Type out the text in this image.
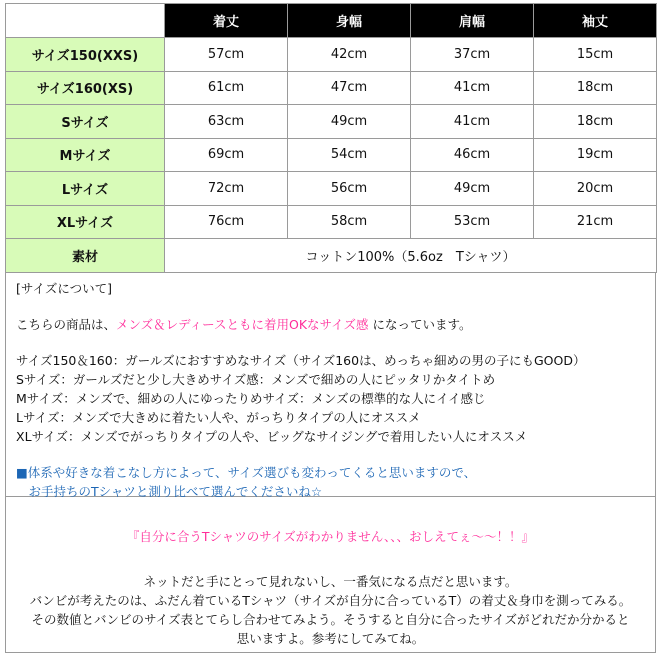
	着丈	身幅	肩幅	袖丈
サイズ150(XXS)	57cm	42cm	37cm	15cm
サイズ160(XS)	61cm	47cm	41cm	18cm
Sサイズ	63cm	49cm	41cm	18cm
Mサイズ	69cm	54cm	46cm	19cm
Lサイズ	72cm	56cm	49cm	20cm
XLサイズ	76cm	58cm	53cm	21cm
素材	コットン100%（5.6oz　Tシャツ）			

[サイズについて]

こちらの商品は、メンズ＆レディースともに着用OKなサイズ感 になっています。

サイズ150＆160：ガールズにおすすめなサイズ（サイズ160は、めっちゃ細めの男の子にもGOOD）

Sサイズ：ガールズだと少し大きめサイズ感：メンズで細めの人にピッタリかタイトめ

Mサイズ：メンズで、細めの人にゆったりめサイズ：メンズの標準的な人にイイ感じ

Lサイズ：メンズで大きめに着たい人や、がっちりタイプの人にオススメ

XLサイズ：メンズでがっちりタイプの人や、ビッグなサイジングで着用したい人にオススメ

■体系や好きな着こなし方によって、サイズ選びも変わってくると思いますので、

　お手持ちのTシャツと測り比べて選んでくださいね☆

『自分に合うTシャツのサイズがわかりません、、、おしえてぇ〜〜！！』

ネットだと手にとって見れないし、一番気になる点だと思います。

バンビが考えたのは、ふだん着ているTシャツ（サイズが自分に合っているT）の着丈＆身巾を測ってみる。

その数値とバンビのサイズ表とてらし合わせてみよう。そうすると自分に合ったサイズがどれだか分かると

思いますよ。参考にしてみてね。
